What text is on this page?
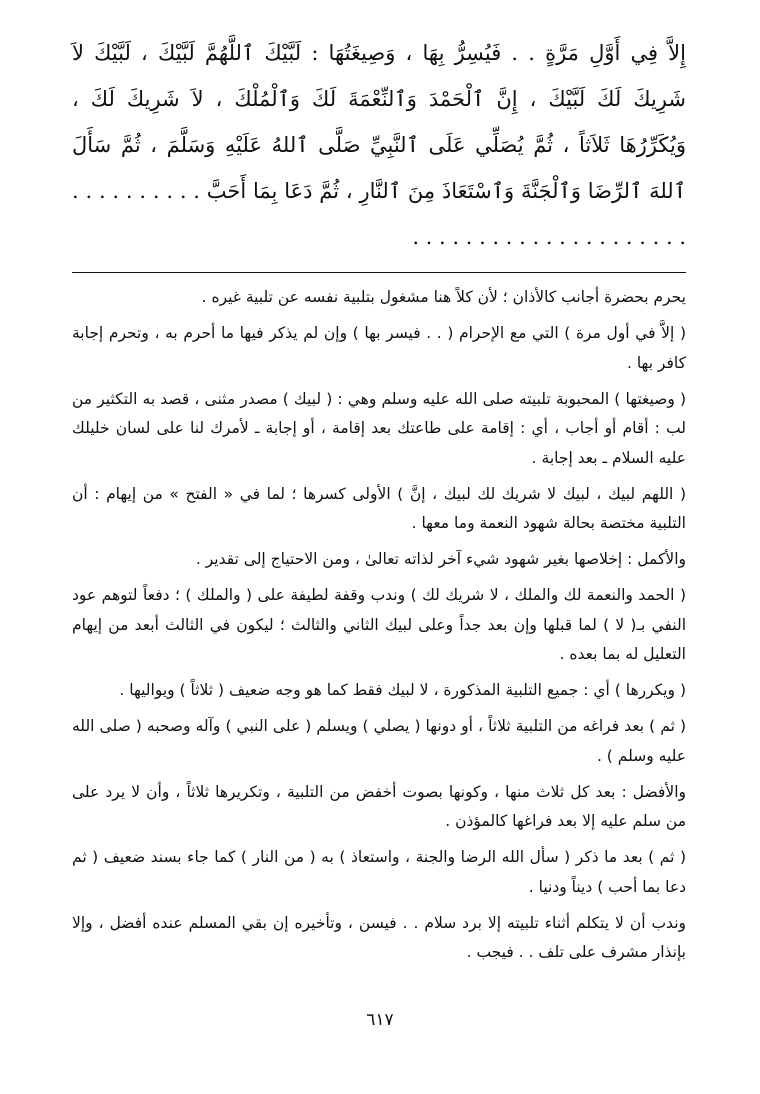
إِلاَّ فِي أَوَّلِ مَرَّةٍ . . فَيُسِرُّ بِهَا ، وَصِيغَتُهَا : لَبَّيْكَ ٱللَّهُمَّ لَبَّيْكَ ، لَبَّيْكَ لاَ شَرِيكَ لَكَ لَبَّيْكَ ، إِنَّ ٱلْحَمْدَ وَٱلنِّعْمَةَ لَكَ وَٱلْمُلْكَ ، لاَ شَرِيكَ لَكَ ، وَيُكَرِّرُهَا ثَلاَثاً ، ثُمَّ يُصَلِّي عَلَى ٱلنَّبِيِّ صَلَّى ٱللهُ عَلَيْهِ وَسَلَّمَ ، ثُمَّ سَأَلَ ٱللهَ ٱلرِّضَا وَٱلْجَنَّةَ وَٱسْتَعَاذَ مِنَ ٱلنَّارِ ، ثُمَّ دَعَا بِمَا أَحَبَّ . . . . . . . . . . . . . . . . . . . . . . . . . . . . . . .

يحرم بحضرة أجانب كالأذان ؛ لأن كلاً هنا مشغول بتلبية نفسه عن تلبية غيره .

( إلاَّ في أول مرة ) التي مع الإحرام ( . . فيسر بها ) وإن لم يذكر فيها ما أحرم به ، وتحرم إجابة كافر بها .

( وصيغتها ) المحبوبة تلبيته صلى الله عليه وسلم وهي : ( لبيك ) مصدر مثنى ، قصد به التكثير من لب : أقام أو أجاب ، أي : إقامة على طاعتك بعد إقامة ، أو إجابة ـ لأمرك لنا على لسان خليلك عليه السلام ـ بعد إجابة .

( اللهم لبيك ، لبيك لا شريك لك لبيك ، إنَّ ) الأولى كسرها ؛ لما في « الفتح » من إيهام : أن التلبية مختصة بحالة شهود النعمة وما معها .

والأكمل : إخلاصها بغير شهود شيء آخر لذاته تعالىٰ ، ومن الاحتياج إلى تقدير .

( الحمد والنعمة لك والملك ، لا شريك لك ) وندب وقفة لطيفة على ( والملك ) ؛ دفعاً لتوهم عود النفي بـ( لا ) لما قبلها وإن بعد جداً وعلى لبيك الثاني والثالث ؛ ليكون في الثالث أبعد من إيهام التعليل له بما بعده .

( ويكررها ) أي : جميع التلبية المذكورة ، لا لبيك فقط كما هو وجه ضعيف ( ثلاثاً ) ويواليها .

( ثم ) بعد فراغه من التلبية ثلاثاً ، أو دونها ( يصلي ) ويسلم ( على النبي ) وآله وصحبه ( صلى الله عليه وسلم ) .

والأفضل : بعد كل ثلاث منها ، وكونها بصوت أخفض من التلبية ، وتكريرها ثلاثاً ، وأن لا يرد على من سلم عليه إلا بعد فراغها كالمؤذن .

( ثم ) بعد ما ذكر ( سأل الله الرضا والجنة ، واستعاذ ) به ( من النار ) كما جاء بسند ضعيف ( ثم دعا بما أحب ) ديناً ودنيا .

وندب أن لا يتكلم أثناء تلبيته إلا برد سلام . . فيسن ، وتأخيره إن بقي المسلم عنده أفضل ، وإلا بإنذار مشرف على تلف . . فيجب .

٦١٧
